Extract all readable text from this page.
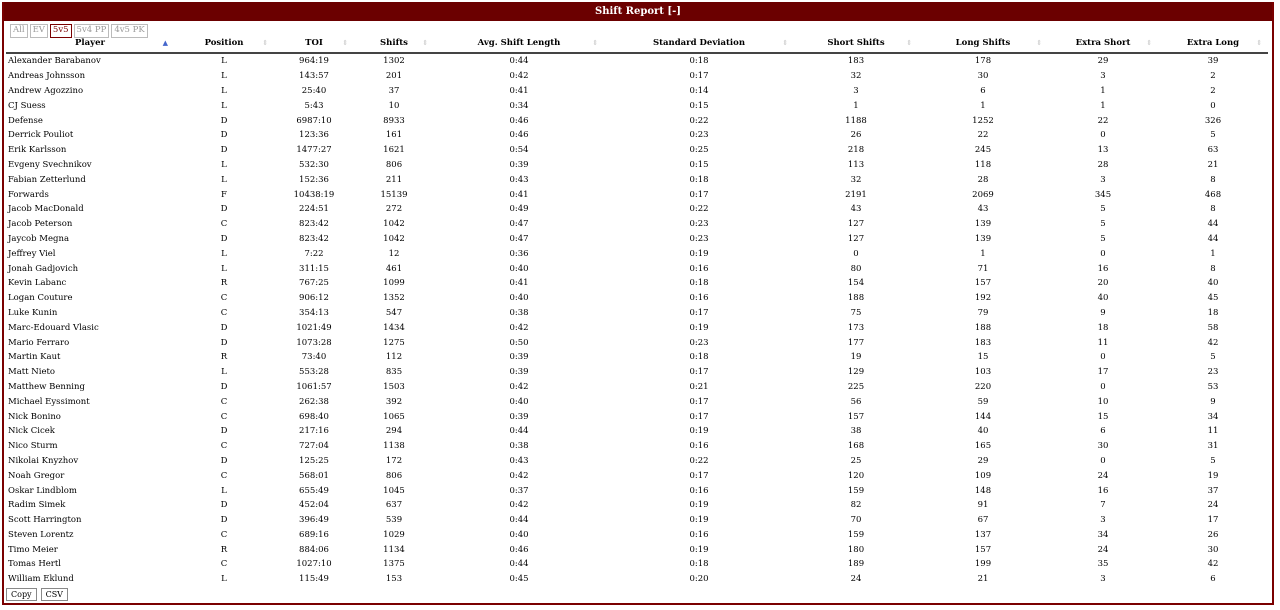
Shift Report [-]
All EV 5v5 5v4 PP 4v5 PK
Player ▲	Position ⇕	TOI ⇕	Shifts ⇕	Avg. Shift Length ⇕	Standard Deviation ⇕	Short Shifts ⇕	Long Shifts ⇕	Extra Short ⇕	Extra Long ⇕

Alexander Barabanov	L	964:19	1302	0:44	0:18	183	178	29	39
Andreas Johnsson	L	143:57	201	0:42	0:17	32	30	3	2
Andrew Agozzino	L	25:40	37	0:41	0:14	3	6	1	2
CJ Suess	L	5:43	10	0:34	0:15	1	1	1	0
Defense	D	6987:10	8933	0:46	0:22	1188	1252	22	326
Derrick Pouliot	D	123:36	161	0:46	0:23	26	22	0	5
Erik Karlsson	D	1477:27	1621	0:54	0:25	218	245	13	63
Evgeny Svechnikov	L	532:30	806	0:39	0:15	113	118	28	21
Fabian Zetterlund	L	152:36	211	0:43	0:18	32	28	3	8
Forwards	F	10438:19	15139	0:41	0:17	2191	2069	345	468
Jacob MacDonald	D	224:51	272	0:49	0:22	43	43	5	8
Jacob Peterson	C	823:42	1042	0:47	0:23	127	139	5	44
Jaycob Megna	D	823:42	1042	0:47	0:23	127	139	5	44
Jeffrey Viel	L	7:22	12	0:36	0:19	0	1	0	1
Jonah Gadjovich	L	311:15	461	0:40	0:16	80	71	16	8
Kevin Labanc	R	767:25	1099	0:41	0:18	154	157	20	40
Logan Couture	C	906:12	1352	0:40	0:16	188	192	40	45
Luke Kunin	C	354:13	547	0:38	0:17	75	79	9	18
Marc-Edouard Vlasic	D	1021:49	1434	0:42	0:19	173	188	18	58
Mario Ferraro	D	1073:28	1275	0:50	0:23	177	183	11	42
Martin Kaut	R	73:40	112	0:39	0:18	19	15	0	5
Matt Nieto	L	553:28	835	0:39	0:17	129	103	17	23
Matthew Benning	D	1061:57	1503	0:42	0:21	225	220	0	53
Michael Eyssimont	C	262:38	392	0:40	0:17	56	59	10	9
Nick Bonino	C	698:40	1065	0:39	0:17	157	144	15	34
Nick Cicek	D	217:16	294	0:44	0:19	38	40	6	11
Nico Sturm	C	727:04	1138	0:38	0:16	168	165	30	31
Nikolai Knyzhov	D	125:25	172	0:43	0:22	25	29	0	5
Noah Gregor	C	568:01	806	0:42	0:17	120	109	24	19
Oskar Lindblom	L	655:49	1045	0:37	0:16	159	148	16	37
Radim Simek	D	452:04	637	0:42	0:19	82	91	7	24
Scott Harrington	D	396:49	539	0:44	0:19	70	67	3	17
Steven Lorentz	C	689:16	1029	0:40	0:16	159	137	34	26
Timo Meier	R	884:06	1134	0:46	0:19	180	157	24	30
Tomas Hertl	C	1027:10	1375	0:44	0:18	189	199	35	42
William Eklund	L	115:49	153	0:45	0:20	24	21	3	6
Copy	CSV
